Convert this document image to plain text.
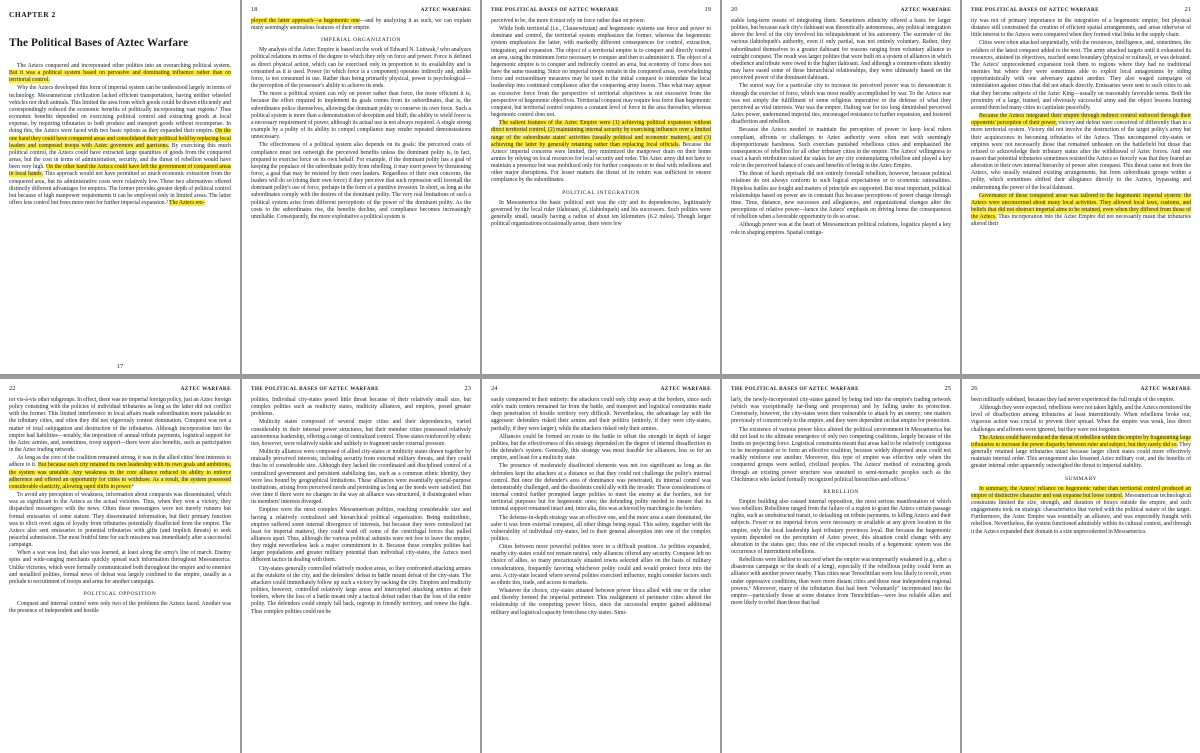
CHAPTER 2
The Political Bases of Aztec Warfare

The Aztecs conquered and incorporated other polities into an overarching political system. But it was a political system based on pervasive and dominating influence rather than on territorial control.

Why the Aztecs developed this form of imperial system can be understood largely in terms of technology. Mesoamerican civilization lacked efficient transportation, having neither wheeled vehicles nor draft animals. This limited the area from which goods could be drawn efficiently and correspondingly reduced the economic benefits of politically incorporating vast regions.¹ Thus economic benefits depended on exercising political control and extracting goods at local expense, by requiring tributaries to both produce and transport goods without recompense. In doing this, the Aztecs were faced with two basic options as they expanded their empire. On the one hand they could have conquered areas and consolidated their political hold by replacing local leaders and composed troops with Aztec governors and garrisons. By exercising this much political control, the Aztecs could have extracted large quantities of goods from the conquered areas, but the cost in terms of administration, security, and the threat of rebellion would have been very high. On the other hand the Aztecs could have left the government of conquered areas in local hands. This approach would not have permitted so much economic extraction from the conquered area, but its administrative costs were relatively low. These two alternatives offered distinctly different advantages for empires. The former provides greater depth of political control but because of high manpower requirements it can be employed only in limited areas. The latter offers less control but frees more men for further imperial expansion.² The Aztecs em-

17
18	AZTEC WARFARE

ployed the latter approach—a hegemonic one—and by analyzing it as such, we can explain many seemingly anomalous features of their empire.

IMPERIAL ORGANIZATION

My analysis of the Aztec Empire is based on the work of Edward N. Luttwak,³ who analyzes political relations in terms of the degree to which they rely on force and power. Force is defined as direct physical action, which can be exercised only in proportion to its availability and is consumed as it is used. Power (in which force is a component) operates indirectly and, unlike force, is not consumed in use. Rather than being primarily physical, power is psychological—the perception of the possessor's ability to achieve its ends.

The more a political system can rely on power rather than force, the more efficient it is, because the effort required to implement its goals comes from its subordinates, that is, the subordinates police themselves, allowing the dominant polity to conserve its own force. Such a political system is more than a demonstration of deception and bluff; the ability to wield force is a necessary requirement of power, although its actual use is not always required. A single strong example by a polity of its ability to compel compliance may render repeated demonstrations unnecessary.

The effectiveness of a political system also depends on its goals: the perceived costs of compliance must not outweigh the perceived benefits unless the dominant polity is, in fact, prepared to exercise force on its own behalf. For example, if the dominant polity has a goal of keeping the populace of the subordinate polity from rebelling, it may exert power by threatening force, a goal that may be resisted by their own leaders. Regardless of their own concerns, the leaders will do so (doing their own force) if they perceive that such repression will forestall the dominant polity's use of force, perhaps in the form of a punitive invasion. In short, as long as the subordinates comply with the desires of the dominant polity. The very real limitations of such a political system arise from different perceptions of the power of the dominant polity. As the costs to the subordinates rise, the benefits decline, and compliance becomes increasingly unreliable. Consequently, the more exploitative a political system is

THE POLITICAL BASES OF AZTEC WARFARE	19

perceived to be, the more it must rely on force rather than on power.

While both territorial (i.e., Clausewitzian) and hegemonic systems use force and power to dominate and control, the territorial system emphasizes the former, whereas the hegemonic system emphasizes the latter, with markedly different consequences for control, extraction, integration, and expansion. The object of a territorial empire is to conquer and directly control an area, using the minimum force necessary to conquer and then to administer it. The object of a hegemonic empire is to conquer and indirectly control an area, but economy of force does not have the same meaning. Since no imperial troops remain in the conquered areas, overwhelming force and extraordinary measures may be used in the initial conquest to intimidate the local leadership into continued compliance after the conquering army leaves. Thus what may appear as excessive force from the perspective of territorial objectives is not excessive from the perspective of hegemonic objectives. Territorial conquest may require less force than hegemonic conquest, but territorial control requires a constant level of force in the area thereafter, whereas hegemonic control does not.

The salient features of the Aztec Empire were (1) achieving political expansion without direct territorial control, (2) maintaining internal security by exercising influence over a limited range of the subordinate states' activities (usually political and economic matters), and (3) achieving the latter by generally retaining rather than replacing local officials. Because the Aztecs' imperial concerns were limited, they minimized the manpower drain on their home armies by relying on local resources for local security and order. The Aztec army did not have to maintain a presence but was mobilized only for further conquests or to deal with rebellions and other major disruptions. For lesser matters the threat of its return was sufficient to ensure compliance by the subordinates.

POLITICAL INTEGRATION

In Mesoamerica the basic political unit was the city and its dependencies, legitimately governed by the local ruler (tlahtoani, pl. tlahtohqueh) and his successors. Such polities were generally small, usually having a radius of about ten kilometers (6.2 miles). Though larger political organizations occasionally arose, there were few

20	AZTEC WARFARE

stable long-term means of integrating them. Sometimes ethnicity offered a basis for larger polities, but because each city's tlahtoani was theoretically autonomous, any political integration above the level of the city involved his relinquishment of his autonomy. The surrender of the various tlahtohqueh's authority, even if only partial, was not entirely voluntary. Rather, they subordinated themselves to a greater tlahtoani for reasons ranging from voluntary alliance to outright conquest. The result was larger polities that were built on a system of alliances in which obedience and tribute were owed to the higher tlahtoani. And although a common ethnic identity may have eased some of these hierarchical relationships, they were ultimately based on the perceived power of the dominant tlahtoani.

The surest way for a particular city to increase its perceived power was to demonstrate it through the exercise of force, which was most readily accomplished by war. To the Aztecs war was not simply the fulfillment of some religious imperative or the defense of what they perceived as vital interests. War was the empire. Halting war for too long diminished perceived Aztec power, undermined imperial ties, encouraged resistance to further expansion, and fostered disaffection and rebellion.

Because the Aztecs needed to maintain the perception of power to keep local rulers compliant, affronts or challenges to Aztec authority were often met with seemingly disproportionate harshness. Such exercises punished rebellious cities and emphasized the consequences of rebellion for all other tributary cities in the empire. The Aztecs' willingness to exact a harsh retribution raised the stakes for any city contemplating rebellion and played a key role in the perceived balance of costs and benefits of being in the Aztec Empire.

The threat of harsh reprisals did not entirely forestall rebellion, however, because political relations do not always conform to such logical expectations or to economic rationalities. Hopeless battles are fought and matters of principle are supported. But most important, political relationships based on power are in constant flux because perceptions of power change through time. Time, distance, new successes and allegiances, and organizational changes alter the perceptions of relative power—hence the Aztecs' emphasis on driving home the consequences of rebellion when a favorable opportunity to do so arose.

Although power was at the heart of Mesoamerican political relations, logistics played a key role in shaping empires. Spatial contigu-

THE POLITICAL BASES OF AZTEC WARFARE	21

ity was not of primary importance in the integration of a hegemonic empire, but physical distance still constrained the creation of efficient spatial arrangements, and areas otherwise of little interest to the Aztecs were conquered when they formed vital links in the supply chain.

Cities were often attacked sequentially, with the resources, intelligence, and, sometimes, the soldiers of the latest conquest added to the next. The army attacked targets until it exhausted its resources, attained its objectives, reached some boundary (physical or cultural), or was defeated. The Aztecs' unprecedented expansion took them to regions where they had no traditional enemies but where they were sometimes able to exploit local antagonisms by siding opportunistically with one adversary against another. They also waged campaigns of intimidation against cities that did not attack directly. Emissaries were sent to such cities to ask that they become subjects of the Aztec King—usually on reasonably favorable terms. Both the proximity of a large, trained, and obviously successful army and the object lessons burning around them led many cities to capitulate peacefully.

Because the Aztecs integrated their empire through indirect control enforced through their opponents' perception of their power, victory and defeat were conceived of differently than in a more territorial system. Victory did not involve the destruction of the target polity's army but their acquiescence in becoming tributaries of the Aztecs. Thus unconquered city-states or empires were not necessarily those that remained unbeaten on the battlefield but those that refused to acknowledge their tributary status after the withdrawal of Aztec forces. And one reason that potential tributaries sometimes resisted the Aztecs so fiercely was that they feared an alteration in their own internal hierarchy of power after conquest. This threat came not from the Aztecs, who usually retained existing arrangements, but from subordinate groups within a polity, which sometimes shifted their allegiance directly to the Aztecs, bypassing and undermining the power of the local tlahtoani.

Governance of these conquered areas was tailored to the hegemonic imperial system: the Aztecs were unconcerned about many local activities. They allowed local laws, customs, and beliefs that did not obstruct imperial aims to be retained, even when they differed from those of the Aztecs. Thus incorporation into the Aztec Empire did not necessarily mean that tributaries altered their

22	AZTEC WARFARE

ior vis-à-vis other subgroups. In effect, there was no imperial foreign policy, just an Aztec foreign policy consisting with the policies of individual tributaries as long as the latter did not conflict with the former. This limited interference in local affairs made subordination more palatable to the tributary cities, and often they did not vigorously contest domination. Conquest was not a matter of total subjugation and destruction of the tributaries. Although incorporation into the empire had liabilities—notably, the imposition of annual tribute payments, logistical support for the Aztec armies, and, sometimes, troop support—there were also benefits, such as participation in the Aztec trading network.

As long as the core of the coalition remained strong, it was in the allied cities' best interests to adhere to it. But because each city retained its own leadership with its own goals and ambitions, the system was unstable. Any weakness in the core alliance reduced its ability to enforce adherence and offered an opportunity for cities to withdraw. As a result, the system possessed considerable elasticity, allowing rapid shifts in power.⁴

To avoid any perception of weakness, information about conquests was disseminated, which was as significant to the Aztecs as the actual victories. Thus, when they won a victory, they dispatched messengers with the news. Often these messengers were not merely runners but formal emissaries of some stature. They disseminated information, but their primary function was to elicit overt signs of loyalty from tributaries potentially disaffected from the empire. The Aztecs also sent emissaries to potential tributaries with gifts (and implicit threats) to seek peaceful submission. The most fruitful time for such missions was immediately after a successful campaign.

When a war was lost, that also was learned, at least along the army's line of march. Enemy spies and wide-ranging merchants quickly spread such information throughout Mesoamerica. Unlike victories, which were formally communicated both throughout the empire and to enemies and nonallied polities, formal news of defeat was largely confined to the empire, usually as a prelude to recruitment of troops and arms for another campaign.

POLITICAL OPPOSITION

Conquest and internal control were only two of the problems the Aztecs faced. Another was the presence of independent and hostile

THE POLITICAL BASES OF AZTEC WARFARE	23

polities. Individual city-states posed little threat because of their relatively small size, but complex polities such as multicity states, multicity alliances, and empires, posed greater problems.

Multicity states composed of several major cities and their dependencies, varied considerably in their internal power structures, but their member cities possessed relatively autonomous leadership, offering a range of centralized control. Those states reinforced by ethnic ties, however, were relatively stable and unlikely to fragment under external pressure.

Multicity alliances were composed of allied city-states or multicity states drawn together by mutually perceived interests, including security from external military threats, and they could thus be of considerable size. Although they lacked the coordinated and disciplined control of a centralized government and persistent stabilizing ties, such as a common ethnic identity, they were less bound by geographical limitations. These alliances were essentially special-purpose institutions, arising from perceived needs and persisting as long as the needs were satisfied. But over time if there were no changes in the way an alliance was structured, it disintegrated when its members' interests diverged.

Empires were the most complex Mesoamerican polities, reaching considerable size and having a relatively centralized and hierarchical political organization. Being multiethnic, empires suffered some internal divergence of interests, but because they were centralized (at least for imperial matters), they could ward off some of the centrifugal forces that pulled alliances apart. Thus, although the various political subunits were not free to leave the empire, they might nevertheless lack a major commitment to it. Because these complex polities had larger populations and greater military potential than individual city-states, the Aztecs used different tactics in dealing with them.

City-states generally controlled relatively modest areas, so they confronted attacking armies at the outskirts of the city, and the defenders' defeat in battle meant defeat of the city-state. The attackers could immediately follow up such a victory by sacking the city. Empires and multicity polities, however, controlled relatively large areas and intercepted attacking armies at their borders, where the loss of a battle meant only a tactical defeat rather than the loss of the entire polity. The defenders could simply fall back, regroup in friendly territory, and renew the fight. Thus complex polities could not be

24	AZTEC WARFARE

easily conquered in their entirety; the attackers could only chip away at the borders, since each side's main centers remained far from the battle, and transport and logistical constraints made deep penetration of hostile territory very difficult. Nevertheless, the advantage lay with the aggressor: defenders risked their armies and their politics (entirely, if they were city-states, partially, if they were larger), while the attackers risked only their armies.

Alliances could be formed en route to the battle to offset the strength in depth of larger polities, but the effectiveness of this strategy depended on the degree of internal dissaffection in the defender's system. Generally, this strategy was most feasible for alliances, less so for an empire, and least for a multicity state.

The presence of moderately disaffected elements was not too significant as long as the defenders kept the attackers at a distance so that they could not challenge the polity's internal control. But once the defender's area of dominance was penetrated, its internal control was demonstrably challenged, and the dissidents could ally with the invader. These considerations of internal control further prompted larger polities to meet the enemy at the borders, not for territorial purposes but for hegemonic ones; the defending polity needed to ensure that its internal support remained intact and, inter alia, this was achieved by marching to the borders.

The defense-in-depth strategy was an effective one, and the more area a state dominated, the safer it was from external conquest, all other things being equal. This safety, together with the vulnerability of individual city-states, led to their general absorption into one of the complex polities.

Cities between more powerful polities were in a difficult position. As polities expanded, nearby city-states could not remain neutral, only alliances offered any security. Conquest left no choice of allies, so many precariously situated towns selected allies on the basis of military considerations, frequently favoring whichever polity could and would protect force into the area. A city-state located where several polities exercised influence, might consider factors such as ethnic ties, trade, and access to markets.

Whatever the choice, city-states situated between power blocs allied with one or the other and thereby formed the imperial perimeter. This realignment of perimeter cities altered the relationship of the competing power blocs, since the successful empire gained additional military and logistical capacity from these city-states. Simi-

THE POLITICAL BASES OF AZTEC WARFARE	25

larly, the newly-incorporated city-states gained by being tied into the empire's trading network (which was exceptionally far-flung and prosperous) and by falling under its protection. Conversely, however, the city-states were then vulnerable to attack by an enemy; one matters previously of concern only to the empire, and they were dependent on that empire for protection.

The existence of various power blocs altered the political environment in Mesoamerica but did not lead to the ultimate emergence of only two competing coalitions, largely because of the limits on projecting force. Logistical constraints meant that areas had to be relatively contiguous to be incorporated or to form an effective coalition, because widely dispersed areas could not readily reinforce one another. Moreover, this type of empire was effective only when the conquered groups were settled, civilized peoples. The Aztecs' method of extracting goods through an existing power structure was unsuited to semi-nomadic peoples such as the Chichimecs who lacked formally recognized political hierarchies and offices.⁵

REBELLION

Empire building also caused internal opposition, the most serious manifestation of which was rebellion. Rebellions ranged from the failure of a region to grant the Aztecs certain passage rights, such as unobstructed transit, to defaulting on tribute payments, to killing Aztecs and their subjects. Fewer or no imperial forces were necessary or available at any given location in the empire, only the local leadership kept tributary provinces loyal. But because the hegemonic system depended on the perception of Aztec power, this situation could change with any alteration in the status quo; thus one of the expected results of a hegemonic system was the occurrence of intermittent rebellions.

Rebellions were likeliest to succeed when the empire was temporarily weakened (e.g., after a disastrous campaign or the death of a king), especially if the rebellious polity could form an alliance with another power nearby. Thus cities near Tenochtitlan were less likely to revolt, even under oppressive conditions, than were more distant cities and those near independent regional powers.⁶ Moreover, many of the tributaries that had been "voluntarily" incorporated into the empire—particularly those at some distance from Tenochtitlan—were less reliable allies and more likely to rebel than those that had

26	AZTEC WARFARE

been militarily subdued, because they had never experienced the full might of the empire.

Although they were expected, rebellions were not taken lightly, and the Aztecs monitored the level of disaffection among tributaries at least intermittently. When rebellions broke out, vigorous action was crucial to prevent their spread. When the empire was weak, less direct challenges and affronts were ignored, but they were not forgotten.

The Aztecs could have reduced the threat of rebellion within the empire by fragmenting large tributaries to increase the power disparity between ruler and subject, but they rarely did so. They generally retained large tributaries intact because larger client states could more effectively maintain internal order. This arrangement also lessened Aztec military cost, and the benefits of greater internal order apparently outweighed the threat to imperial stability.

SUMMARY

In summary, the Aztecs' reliance on hegemonic rather than territorial control produced an empire of distinctive character and vast expanse but loose control. Mesoamerican technological constraints limited the size, strength, and duration of forays outside the empire, and such engagements took on strategic characteristics that varied with the political nature of the target. Furthermore, the Aztec Empire was essentially an alliance, and was expectedly fraught with rebellion. Nevertheless, the system functioned admirably within its cultural context, and through it the Aztecs expanded their domain to a size unprecedented in Mesoamerica.
